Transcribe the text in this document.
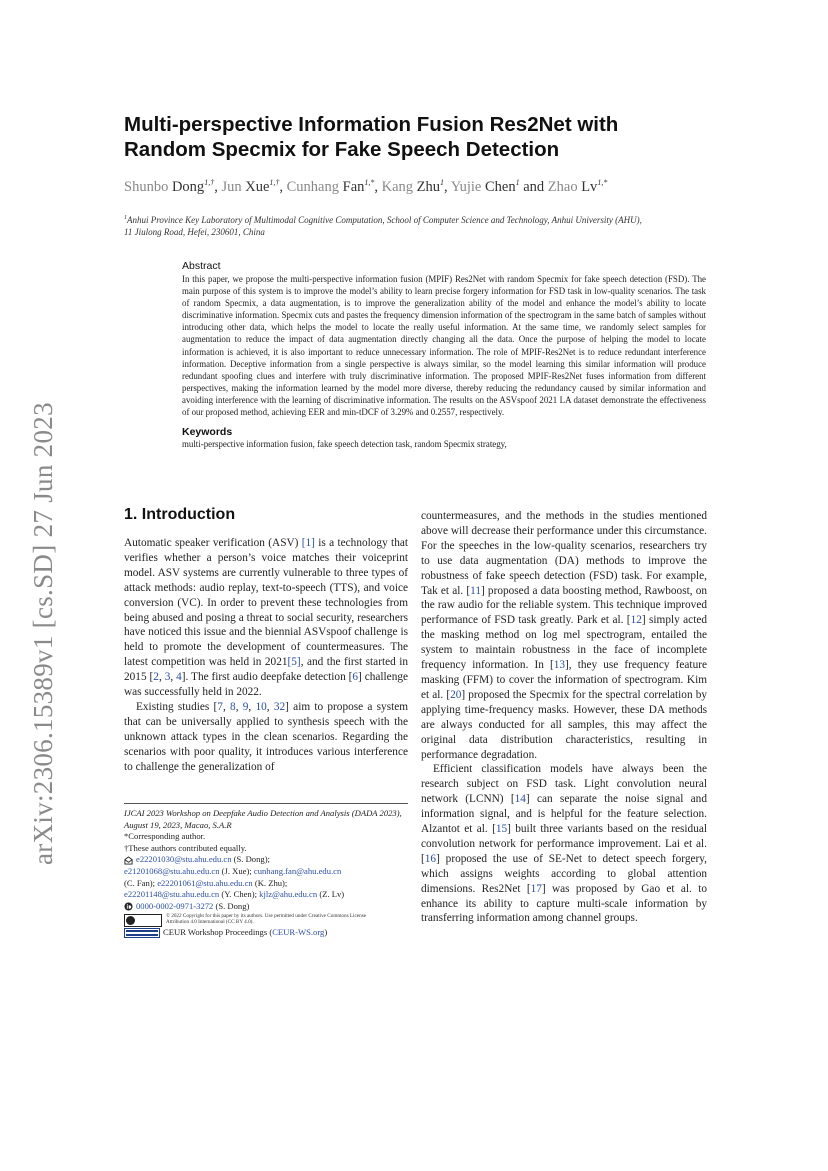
arXiv:2306.15389v1 [cs.SD] 27 Jun 2023
Multi-perspective Information Fusion Res2Net with
Random Specmix for Fake Speech Detection
Shunbo Dong$^{1,\dagger}$, Jun Xue$^{1,\dagger}$, Cunhang Fan$^{1,*}$, Kang Zhu$^1$, Yujie Chen$^1$ and Zhao $Lv^{1,*}$
$^1$Anhui Province Key Laboratory of Multimodal Cognitive Computation, School of Computer Science and Technology, Anhui University (AHU),
11 Jiulong Road, Hefei, 230601, China
Abstract
In this paper, we propose the multi-perspective information fusion (MPIF) Res2Net with random Specmix for fake speech detection (FSD). The main purpose of this system is to improve the model’s ability to learn precise forgery information for FSD task in low-quality scenarios. The task of random Specmix, a data augmentation, is to improve the generalization ability of the model and enhance the model’s ability to locate discriminative information. Specmix cuts and pastes the frequency dimension information of the spectrogram in the same batch of samples without introducing other data, which helps the model to locate the really useful information. At the same time, we randomly select samples for augmentation to reduce the impact of data augmentation directly changing all the data. Once the purpose of helping the model to locate information is achieved, it is also important to reduce unnecessary information. The role of MPIF-Res2Net is to reduce redundant interference information. Deceptive information from a single perspective is always similar, so the model learning this similar information will produce redundant spoofing clues and interfere with truly discriminative information. The proposed MPIF-Res2Net fuses information from different perspectives, making the information learned by the model more diverse, thereby reducing the redundancy caused by similar information and avoiding interference with the learning of discriminative information. The results on the ASVspoof 2021 LA dataset demonstrate the effectiveness of our proposed method, achieving EER and min-tDCF of 3.29% and 0.2557, respectively.
Keywords
multi-perspective information fusion, fake speech detection task, random Specmix strategy,
1. Introduction

Automatic speaker verification (ASV) [1] is a technology that verifies whether a person’s voice matches their voiceprint model. ASV systems are currently vulnerable to three types of attack methods: audio replay, text-to-speech (TTS), and voice conversion (VC). In order to prevent these technologies from being abused and posing a threat to social security, researchers have noticed this issue and the biennial ASVspoof challenge is held to promote the development of countermeasures. The latest competition was held in 2021[5], and the first started in 2015 [2, 3, 4]. The first audio deepfake detection [6] challenge was successfully held in 2022.

Existing studies [7, 8, 9, 10, 32] aim to propose a system that can be universally applied to synthesis speech with the unknown attack types in the clean scenarios. Regarding the scenarios with poor quality, it introduces various interference to challenge the generalization of

IJCAI 2023 Workshop on Deepfake Audio Detection and Analysis (DADA 2023), August 19, 2023, Macao, S.A.R
*Corresponding author.
†These authors contributed equally.
e22201030@stu.ahu.edu.cn (S. Dong);
e21201068@stu.ahu.edu.cn (J. Xue); cunhang.fan@ahu.edu.cn
(C. Fan); e22201061@stu.ahu.edu.cn (K. Zhu);
e22201148@stu.ahu.edu.cn (Y. Chen); kjlz@ahu.edu.cn (Z. Lv)
0000-0002-0971-3272 (S. Dong)
© 2022 Copyright for this paper by its authors. Use permitted under Creative Commons License
Attribution 4.0 International (CC BY 4.0).
CEUR Workshop Proceedings (CEUR-WS.org)

countermeasures, and the methods in the studies mentioned above will decrease their performance under this circumstance. For the speeches in the low-quality scenarios, researchers try to use data augmentation (DA) methods to improve the robustness of fake speech detection (FSD) task. For example, Tak et al. [11] proposed a data boosting method, Rawboost, on the raw audio for the reliable system. This technique improved performance of FSD task greatly. Park et al. [12] simply acted the masking method on log mel spectrogram, entailed the system to maintain robustness in the face of incomplete frequency information. In [13], they use frequency feature masking (FFM) to cover the information of spectrogram. Kim et al. [20] proposed the Specmix for the spectral correlation by applying time-frequency masks. However, these DA methods are always conducted for all samples, this may affect the original data distribution characteristics, resulting in performance degradation.

Efficient classification models have always been the research subject on FSD task. Light convolution neural network (LCNN) [14] can separate the noise signal and information signal, and is helpful for the feature selection. Alzantot et al. [15] built three variants based on the residual convolution network for performance improvement. Lai et al. [16] proposed the use of SE-Net to detect speech forgery, which assigns weights according to global attention dimensions. Res2Net [17] was proposed by Gao et al. to enhance its ability to capture multi-scale information by transferring information among channel groups.
